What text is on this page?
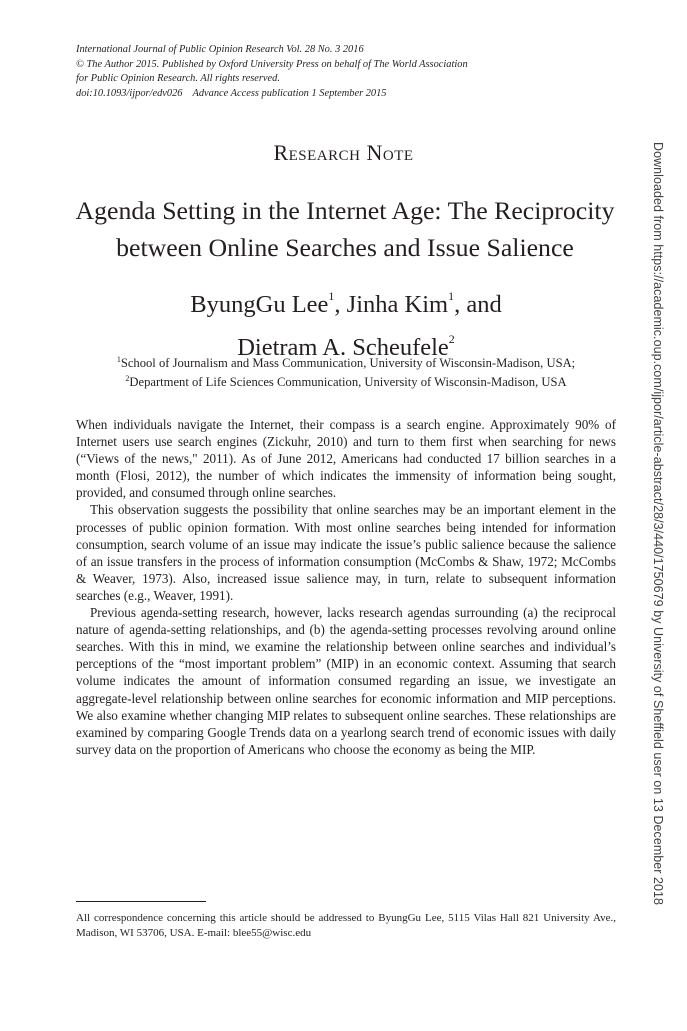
International Journal of Public Opinion Research Vol. 28 No. 3 2016
© The Author 2015. Published by Oxford University Press on behalf of The World Association
for Public Opinion Research. All rights reserved.
doi:10.1093/ijpor/edv026 Advance Access publication 1 September 2015
Research Note
Agenda Setting in the Internet Age: The Reciprocity
between Online Searches and Issue Salience
ByungGu Lee$^1$, Jinha Kim$^1$, and
Dietram A. Scheufele$^2$
$^1$School of Journalism and Mass Communication, University of Wisconsin-Madison, USA;
$^2$Department of Life Sciences Communication, University of Wisconsin-Madison, USA

When individuals navigate the Internet, their compass is a search engine. Approximately 90% of Internet users use search engines (Zickuhr, 2010) and turn to them first when searching for news (“Views of the news," 2011). As of June 2012, Americans had conducted 17 billion searches in a month (Flosi, 2012), the number of which indicates the immensity of information being sought, provided, and consumed through online searches.

This observation suggests the possibility that online searches may be an important element in the processes of public opinion formation. With most online searches being intended for information consumption, search volume of an issue may indicate the issue’s public salience because the salience of an issue transfers in the process of information consumption (McCombs & Shaw, 1972; McCombs & Weaver, 1973). Also, increased issue salience may, in turn, relate to subsequent information searches (e.g., Weaver, 1991).

Previous agenda-setting research, however, lacks research agendas surrounding (a) the reciprocal nature of agenda-setting relationships, and (b) the agenda-setting processes revolving around online searches. With this in mind, we examine the relationship between online searches and individual’s perceptions of the “most important problem” (MIP) in an economic context. Assuming that search volume indicates the amount of information consumed regarding an issue, we investigate an aggregate-level relationship between online searches for economic information and MIP perceptions. We also examine whether changing MIP relates to subsequent online searches. These relationships are examined by comparing Google Trends data on a yearlong search trend of economic issues with daily survey data on the proportion of Americans who choose the economy as being the MIP.

All correspondence concerning this article should be addressed to ByungGu Lee, 5115 Vilas Hall 821 University Ave., Madison, WI 53706, USA. E-mail: blee55@wisc.edu
Downloaded from https://academic.oup.com/ijpor/article-abstract/28/3/440/1750679 by University of Sheffield user on 13 December 2018
